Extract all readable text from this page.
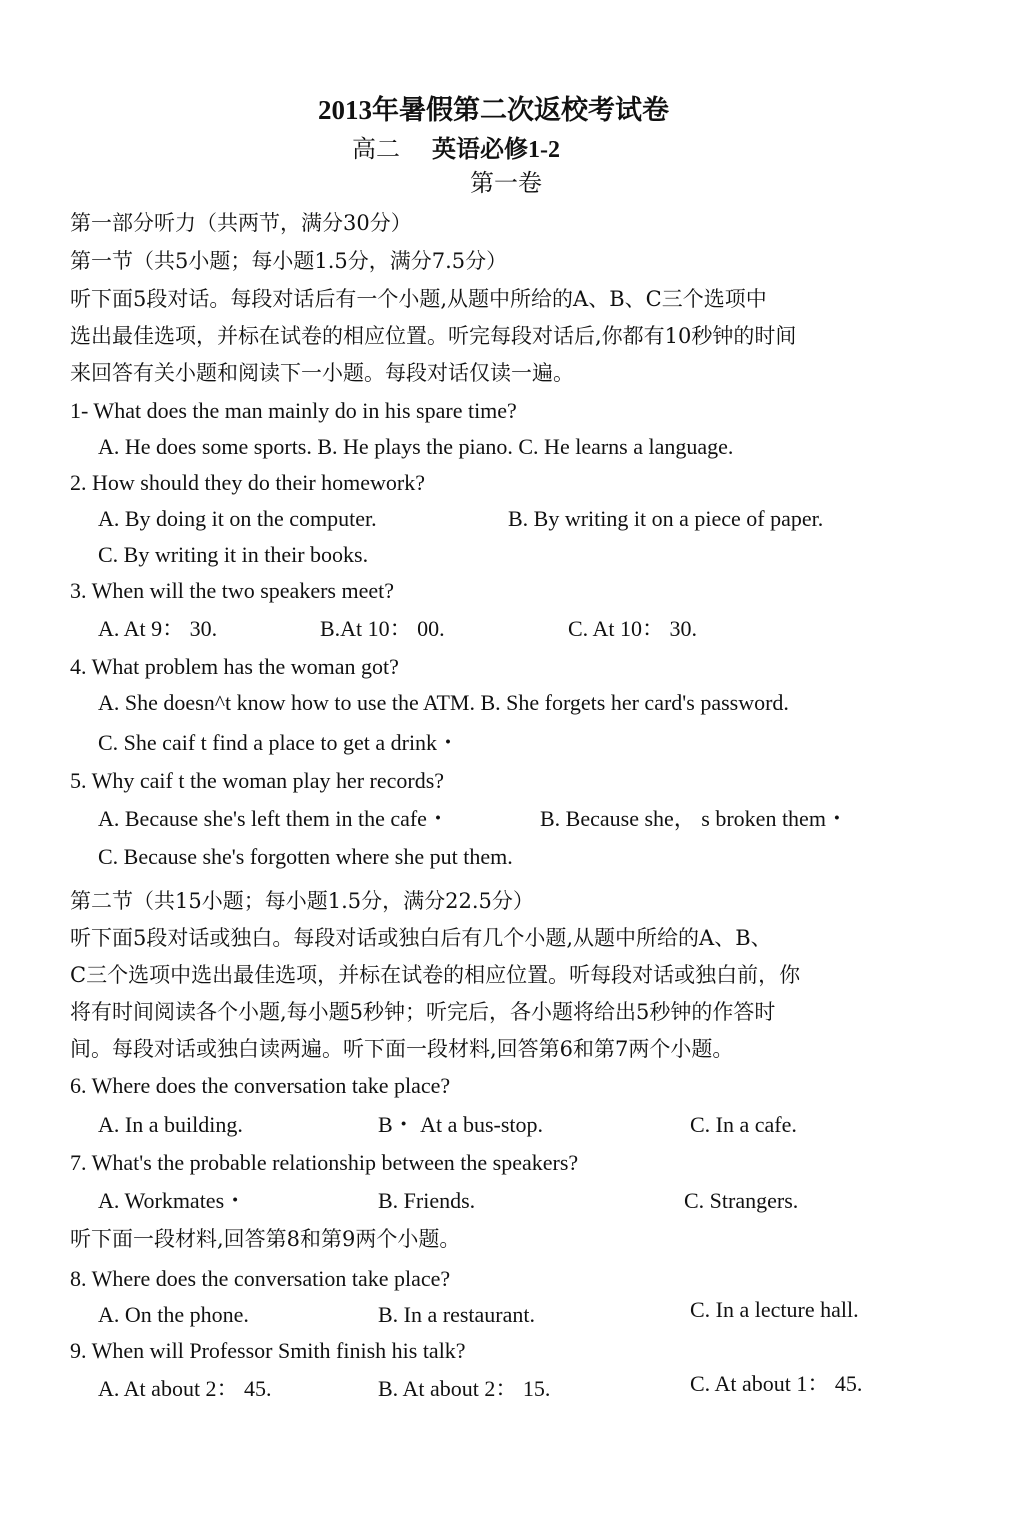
2013年暑假第二次返校考试卷
高二 英语必修1-2
第一卷
第一部分听力（共两节，满分30分）
第一节（共5小题；每小题1.5分，满分7.5分）
听下面5段对话。每段对话后有一个小题,从题中所给的A、B、C三个选项中
选出最佳选项，并标在试卷的相应位置。听完每段对话后,你都有10秒钟的时间
来回答有关小题和阅读下一小题。每段对话仅读一遍。
1- What does the man mainly do in his spare time?
A. He does some sports. B. He plays the piano. C. He learns a language.
2. How should they do their homework?
A. By doing it on the computer.	B. By writing it on a piece of paper.
C. By writing it in their books.
3. When will the two speakers meet?
A. At 9： 30.	B.At 10： 00.	C. At 10： 30.
4. What problem has the woman got?
A. She doesn^t know how to use the ATM. B. She forgets her card's password.
C. She caif t find a place to get a drink・
5. Why caif t the woman play her records?
A. Because she's left them in the cafe・	B. Because she， s broken them・
C. Because she's forgotten where she put them.
第二节（共15小题；每小题1.5分，满分22.5分）
听下面5段对话或独白。每段对话或独白后有几个小题,从题中所给的A、B、
C三个选项中选出最佳选项，并标在试卷的相应位置。听每段对话或独白前，你
将有时间阅读各个小题,每小题5秒钟；听完后，各小题将给出5秒钟的作答时
间。每段对话或独白读两遍。听下面一段材料,回答第6和第7两个小题。
6. Where does the conversation take place?
A. In a building.	B・ At a bus-stop.	C. In a cafe.
7. What's the probable relationship between the speakers?
A. Workmates・	B. Friends.	C. Strangers.
听下面一段材料,回答第8和第9两个小题。
8. Where does the conversation take place?
A. On the phone.	B. In a restaurant.	C. In a lecture hall.
9. When will Professor Smith finish his talk?
A. At about 2： 45.	B. At about 2： 15.	C. At about 1： 45.
